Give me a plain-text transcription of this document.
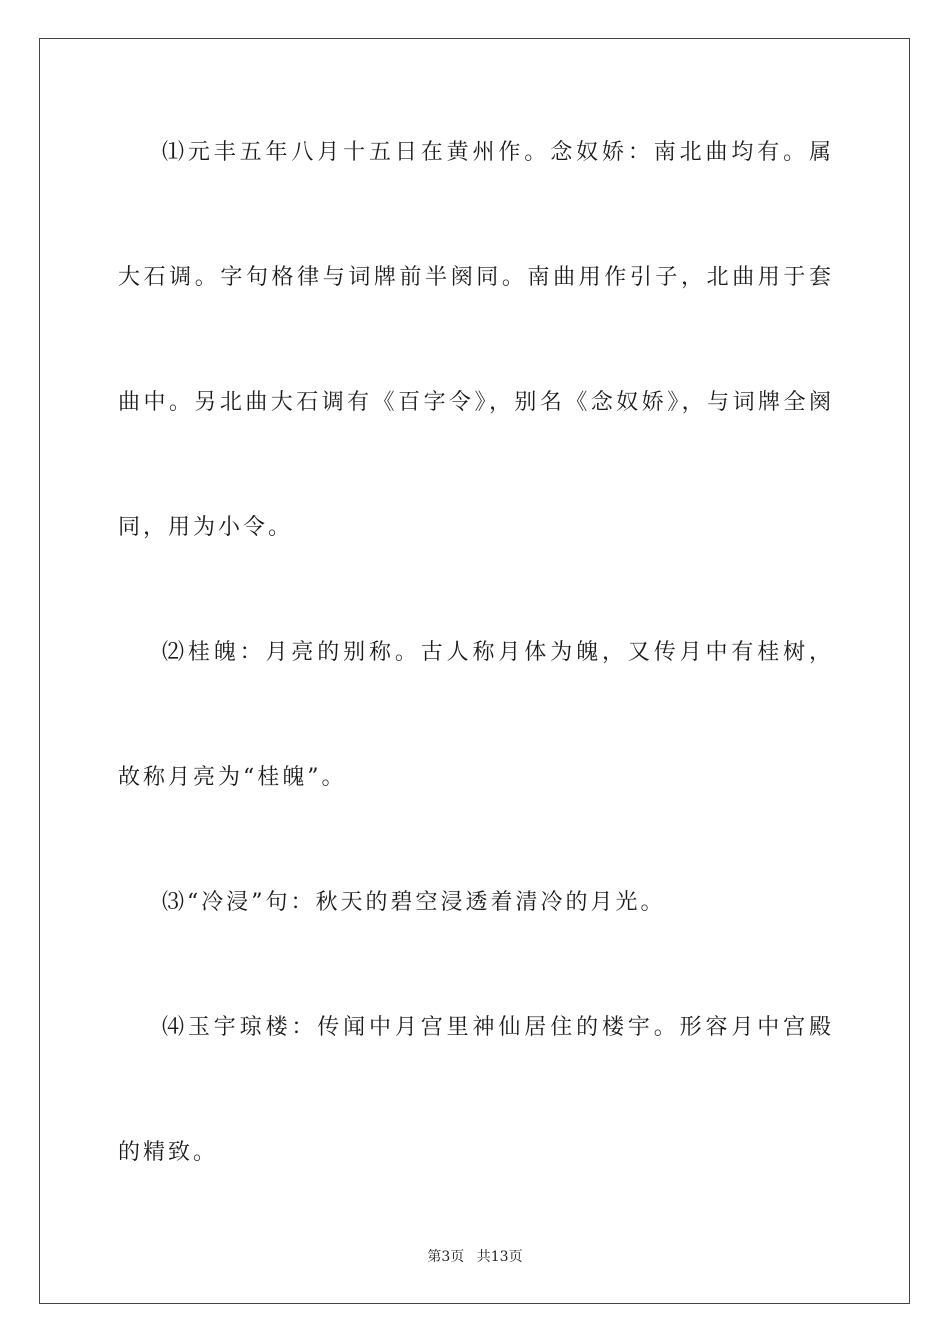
⑴元丰五年八月十五日在黄州作。念奴娇：南北曲均有。属大石调。字句格律与词牌前半阕同。南曲用作引子，北曲用于套曲中。另北曲大石调有《百字令》，别名《念奴娇》，与词牌全阕同，用为小令。

⑵桂魄：月亮的别称。古人称月体为魄，又传月中有桂树，故称月亮为“桂魄”。

⑶“冷浸”句：秋天的碧空浸透着清冷的月光。

⑷玉宇琼楼：传闻中月宫里神仙居住的楼宇。形容月中宫殿的精致。

第3页 共13页
